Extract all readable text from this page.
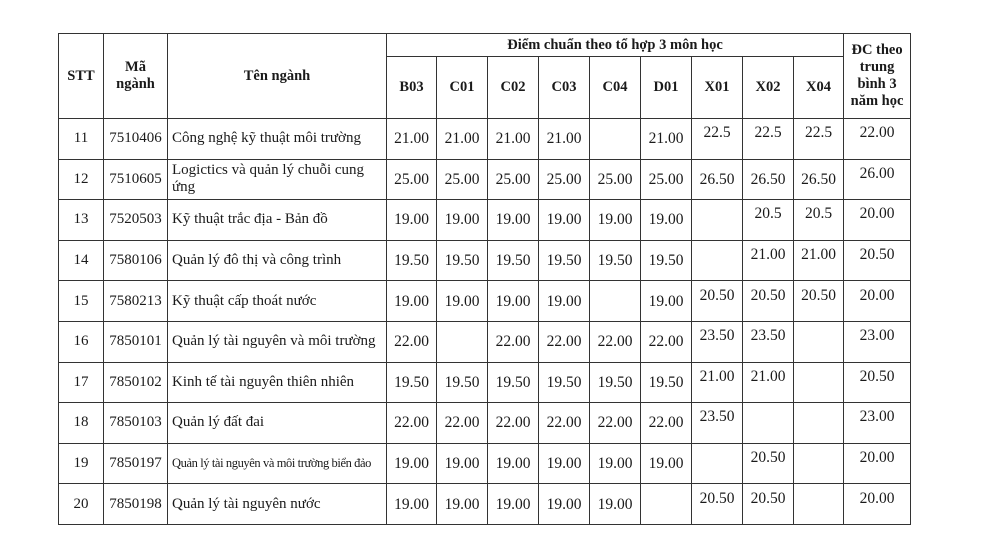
STT	Mã ngành	Tên ngành	Điểm chuẩn theo tổ hợp 3 môn học									ĐC theo trung bình 3 năm học
			B03	C01	C02	C03	C04	D01	X01	X02	X04	
11	7510406	Công nghệ kỹ thuật môi trường	21.00	21.00	21.00	21.00		21.00	22.5	22.5	22.5	22.00
12	7510605	Logictics và quản lý chuỗi cung ứng	25.00	25.00	25.00	25.00	25.00	25.00	26.50	26.50	26.50	26.00
13	7520503	Kỹ thuật trắc địa - Bản đồ	19.00	19.00	19.00	19.00	19.00	19.00		20.5	20.5	20.00
14	7580106	Quản lý đô thị và công trình	19.50	19.50	19.50	19.50	19.50	19.50		21.00	21.00	20.50
15	7580213	Kỹ thuật cấp thoát nước	19.00	19.00	19.00	19.00		19.00	20.50	20.50	20.50	20.00
16	7850101	Quản lý tài nguyên và môi trường	22.00		22.00	22.00	22.00	22.00	23.50	23.50		23.00
17	7850102	Kinh tế tài nguyên thiên nhiên	19.50	19.50	19.50	19.50	19.50	19.50	21.00	21.00		20.50
18	7850103	Quản lý đất đai	22.00	22.00	22.00	22.00	22.00	22.00	23.50			23.00
19	7850197	Quản lý tài nguyên và môi trường biển đảo	19.00	19.00	19.00	19.00	19.00	19.00		20.50		20.00
20	7850198	Quản lý tài nguyên nước	19.00	19.00	19.00	19.00	19.00		20.50	20.50		20.00
